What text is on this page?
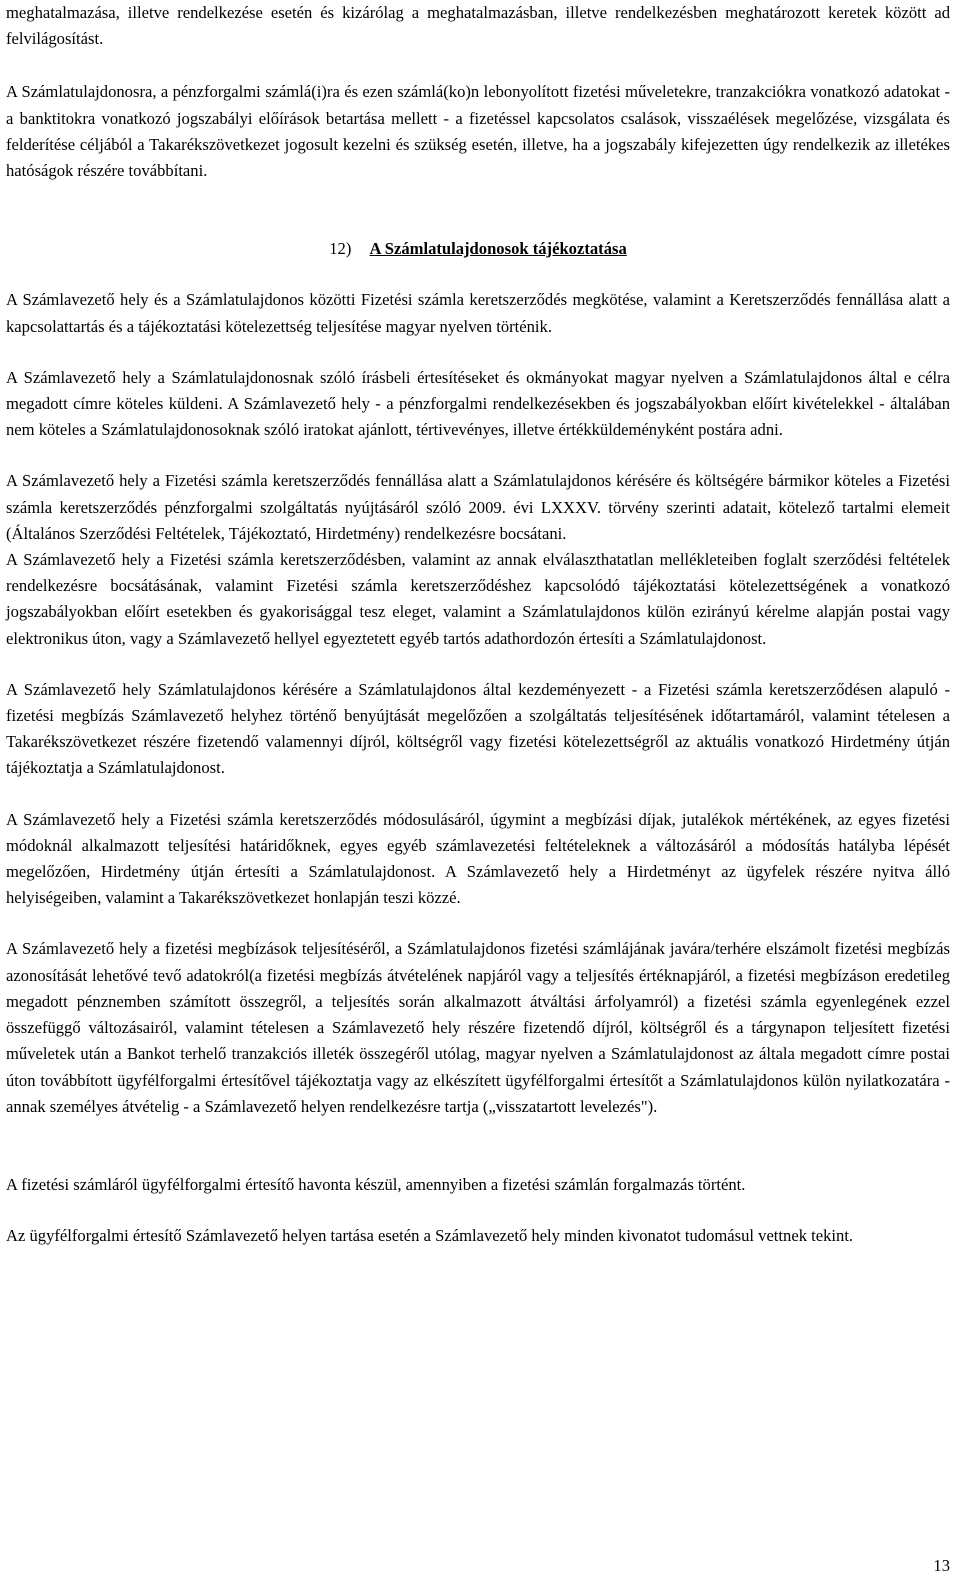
meghatalmazása, illetve rendelkezése esetén és kizárólag a meghatalmazásban, illetve rendelkezésben meghatározott keretek között ad felvilágosítást.

A Számlatulajdonosra, a pénzforgalmi számlá(i)ra és ezen számlá(ko)n lebonyolított fizetési műveletekre, tranzakciókra vonatkozó adatokat - a banktitokra vonatkozó jogszabályi előírások betartása mellett - a fizetéssel kapcsolatos csalások, visszaélések megelőzése, vizsgálata és felderítése céljából a Takarékszövetkezet jogosult kezelni és szükség esetén, illetve, ha a jogszabály kifejezetten úgy rendelkezik az illetékes hatóságok részére továbbítani.

12) A Számlatulajdonosok tájékoztatása

A Számlavezető hely és a Számlatulajdonos közötti Fizetési számla keretszerződés megkötése, valamint a Keretszerződés fennállása alatt a kapcsolattartás és a tájékoztatási kötelezettség teljesítése magyar nyelven történik.

A Számlavezető hely a Számlatulajdonosnak szóló írásbeli értesítéseket és okmányokat magyar nyelven a Számlatulajdonos által e célra megadott címre köteles küldeni. A Számlavezető hely - a pénzforgalmi rendelkezésekben és jogszabályokban előírt kivételekkel - általában nem köteles a Számlatulajdonosoknak szóló iratokat ajánlott, tértivevényes, illetve értékküldeményként postára adni.

A Számlavezető hely a Fizetési számla keretszerződés fennállása alatt a Számlatulajdonos kérésére és költségére bármikor köteles a Fizetési számla keretszerződés pénzforgalmi szolgáltatás nyújtásáról szóló 2009. évi LXXXV. törvény szerinti adatait, kötelező tartalmi elemeit (Általános Szerződési Feltételek, Tájékoztató, Hirdetmény) rendelkezésre bocsátani.

A Számlavezető hely a Fizetési számla keretszerződésben, valamint az annak elválaszthatatlan mellékleteiben foglalt szerződési feltételek rendelkezésre bocsátásának, valamint Fizetési számla keretszerződéshez kapcsolódó tájékoztatási kötelezettségének a vonatkozó jogszabályokban előírt esetekben és gyakorisággal tesz eleget, valamint a Számlatulajdonos külön ezirányú kérelme alapján postai vagy elektronikus úton, vagy a Számlavezető hellyel egyeztetett egyéb tartós adathordozón értesíti a Számlatulajdonost.

A Számlavezető hely Számlatulajdonos kérésére a Számlatulajdonos által kezdeményezett - a Fizetési számla keretszerződésen alapuló - fizetési megbízás Számlavezető helyhez történő benyújtását megelőzően a szolgáltatás teljesítésének időtartamáról, valamint tételesen a Takarékszövetkezet részére fizetendő valamennyi díjról, költségről vagy fizetési kötelezettségről az aktuális vonatkozó Hirdetmény útján tájékoztatja a Számlatulajdonost.

A Számlavezető hely a Fizetési számla keretszerződés módosulásáról, úgymint a megbízási díjak, jutalékok mértékének, az egyes fizetési módoknál alkalmazott teljesítési határidőknek, egyes egyéb számlavezetési feltételeknek a változásáról a módosítás hatályba lépését megelőzően, Hirdetmény útján értesíti a Számlatulajdonost. A Számlavezető hely a Hirdetményt az ügyfelek részére nyitva álló helyiségeiben, valamint a Takarékszövetkezet honlapján teszi közzé.

A Számlavezető hely a fizetési megbízások teljesítéséről, a Számlatulajdonos fizetési számlájának javára/terhére elszámolt fizetési megbízás azonosítását lehetővé tevő adatokról(a fizetési megbízás átvételének napjáról vagy a teljesítés értéknapjáról, a fizetési megbízáson eredetileg megadott pénznemben számított összegről, a teljesítés során alkalmazott átváltási árfolyamról) a fizetési számla egyenlegének ezzel összefüggő változásairól, valamint tételesen a Számlavezető hely részére fizetendő díjról, költségről és a tárgynapon teljesített fizetési műveletek után a Bankot terhelő tranzakciós illeték összegéről utólag, magyar nyelven a Számlatulajdonost az általa megadott címre postai úton továbbított ügyfélforgalmi értesítővel tájékoztatja vagy az elkészített ügyfélforgalmi értesítőt a Számlatulajdonos külön nyilatkozatára - annak személyes átvételig - a Számlavezető helyen rendelkezésre tartja („visszatartott levelezés").

A fizetési számláról ügyfélforgalmi értesítő havonta készül, amennyiben a fizetési számlán forgalmazás történt.

Az ügyfélforgalmi értesítő Számlavezető helyen tartása esetén a Számlavezető hely minden kivonatot tudomásul vettnek tekint.

13
